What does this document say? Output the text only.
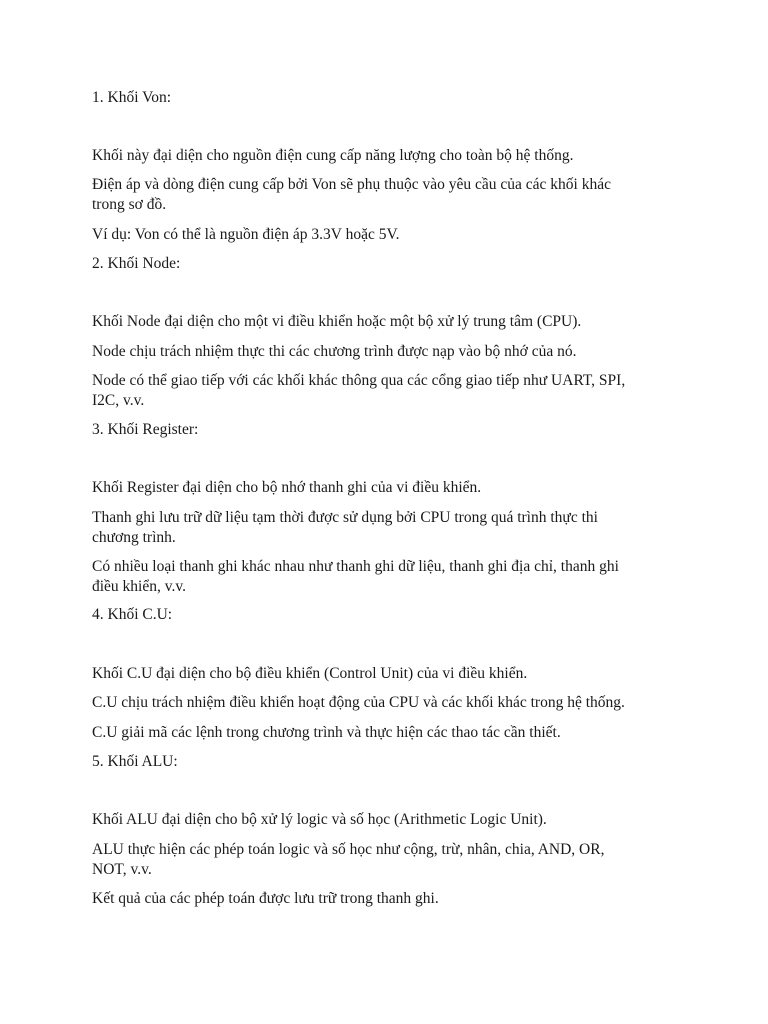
1. Khối Von:
Khối này đại diện cho nguồn điện cung cấp năng lượng cho toàn bộ hệ thống.
Điện áp và dòng điện cung cấp bởi Von sẽ phụ thuộc vào yêu cầu của các khối khác
trong sơ đồ.
Ví dụ: Von có thể là nguồn điện áp 3.3V hoặc 5V.
2. Khối Node:
Khối Node đại diện cho một vi điều khiển hoặc một bộ xử lý trung tâm (CPU).
Node chịu trách nhiệm thực thi các chương trình được nạp vào bộ nhớ của nó.
Node có thể giao tiếp với các khối khác thông qua các cổng giao tiếp như UART, SPI,
I2C, v.v.
3. Khối Register:
Khối Register đại diện cho bộ nhớ thanh ghi của vi điều khiển.
Thanh ghi lưu trữ dữ liệu tạm thời được sử dụng bởi CPU trong quá trình thực thi
chương trình.
Có nhiều loại thanh ghi khác nhau như thanh ghi dữ liệu, thanh ghi địa chỉ, thanh ghi
điều khiển, v.v.
4. Khối C.U:
Khối C.U đại diện cho bộ điều khiển (Control Unit) của vi điều khiển.
C.U chịu trách nhiệm điều khiển hoạt động của CPU và các khối khác trong hệ thống.
C.U giải mã các lệnh trong chương trình và thực hiện các thao tác cần thiết.
5. Khối ALU:
Khối ALU đại diện cho bộ xử lý logic và số học (Arithmetic Logic Unit).
ALU thực hiện các phép toán logic và số học như cộng, trừ, nhân, chia, AND, OR,
NOT, v.v.
Kết quả của các phép toán được lưu trữ trong thanh ghi.
